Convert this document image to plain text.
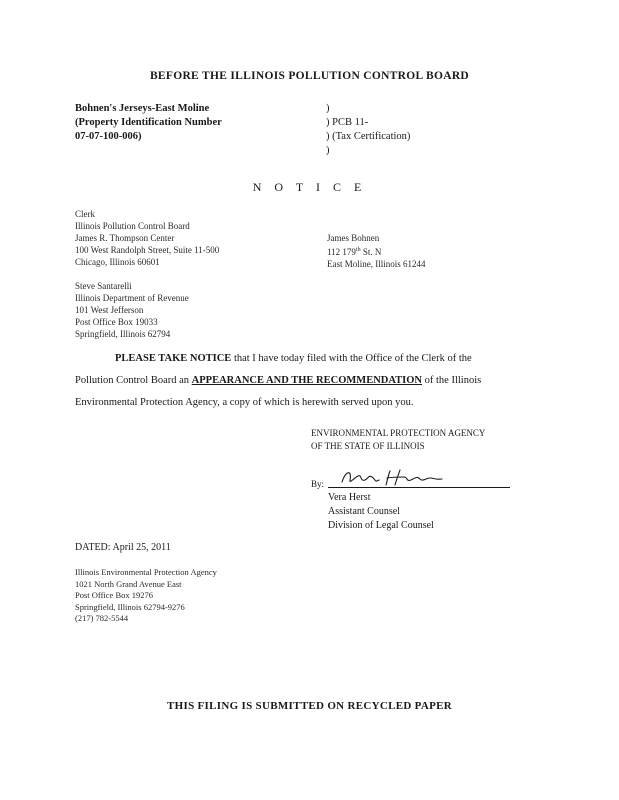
BEFORE THE ILLINOIS POLLUTION CONTROL BOARD
Bohnen's Jerseys-East Moline
(Property Identification Number
07-07-100-006)
)
) PCB 11-
) (Tax Certification)
)
N O T I C E
Clerk
Illinois Pollution Control Board
James R. Thompson Center
100 West Randolph Street, Suite 11-500
Chicago, Illinois 60601
James Bohnen
112 179th St. N
East Moline, Illinois 61244
Steve Santarelli
Illinois Department of Revenue
101 West Jefferson
Post Office Box 19033
Springfield, Illinois 62794
PLEASE TAKE NOTICE that I have today filed with the Office of the Clerk of the
Pollution Control Board an APPEARANCE AND THE RECOMMENDATION of the Illinois
Environmental Protection Agency, a copy of which is herewith served upon you.
ENVIRONMENTAL PROTECTION AGENCY
OF THE STATE OF ILLINOIS
By:
Vera Herst
Assistant Counsel
Division of Legal Counsel
DATED: April 25, 2011
Illinois Environmental Protection Agency
1021 North Grand Avenue East
Post Office Box 19276
Springfield, Illinois 62794-9276
(217) 782-5544
THIS FILING IS SUBMITTED ON RECYCLED PAPER
